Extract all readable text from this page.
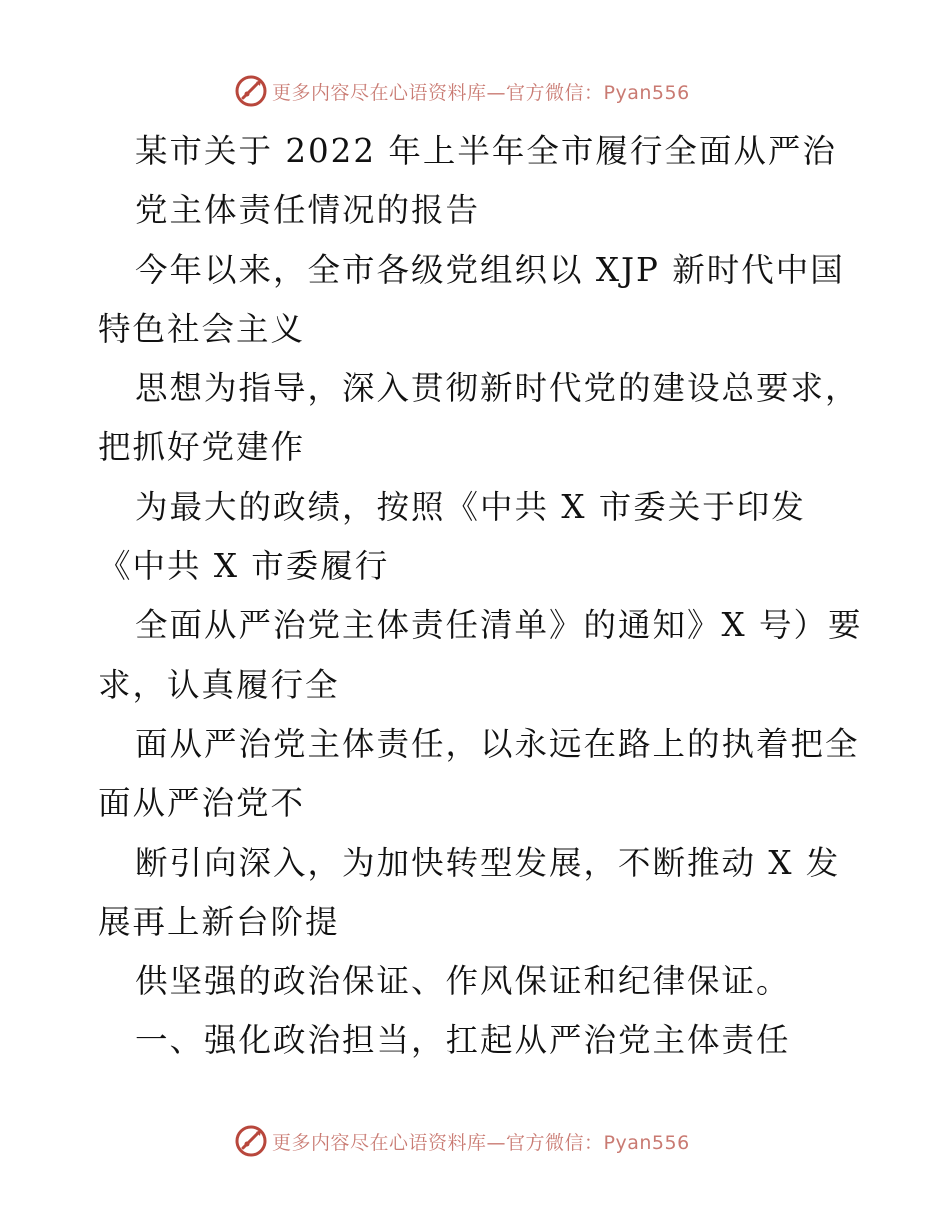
更多内容尽在心语资料库—官方微信：Pyan556
某市关于 2022 年上半年全市履行全面从严治
党主体责任情况的报告
今年以来，全市各级党组织以 XJP 新时代中国
特色社会主义
思想为指导，深入贯彻新时代党的建设总要求，
把抓好党建作
为最大的政绩，按照《中共 X 市委关于印发
《中共 X 市委履行
全面从严治党主体责任清单》的通知》X 号）要
求，认真履行全
面从严治党主体责任，以永远在路上的执着把全
面从严治党不
断引向深入，为加快转型发展，不断推动 X 发
展再上新台阶提
供坚强的政治保证、作风保证和纪律保证。
一、强化政治担当，扛起从严治党主体责任
更多内容尽在心语资料库—官方微信：Pyan556
